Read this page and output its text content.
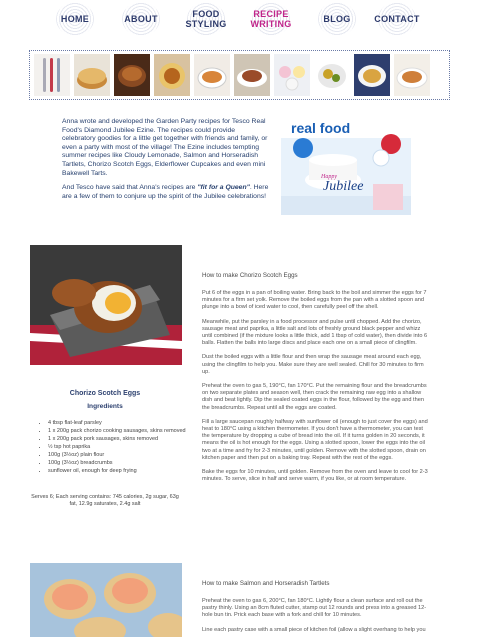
HOME	ABOUT	FOOD
STYLING
RECIPE
WRITING	BLOG	CONTACT

Anna wrote and developed the Garden Party recipes for Tesco Real Food's Diamond Jubilee Ezine. The recipes could provide celebratory goodies for a little get together with friends and family, or even a party with most of the village! The Ezine includes tempting summer recipes like Cloudy Lemonade, Salmon and Horseradish Tartlets, Chorizo Scotch Eggs, Elderflower Cupcakes and even mini Bakewell Tarts.

And Tesco have said that Anna's recipes are "fit for a Queen". Here are a few of them to conjure up the spirit of the Jubilee celebrations!

real food
Happy
Jubilee
Chorizo Scotch Eggs
Ingredients
• 4 tbsp flat-leaf parsley
• 1 x 200g pack chorizo cooking sausages, skins removed
• 1 x 200g pack pork sausages, skins removed
• ½ tsp hot paprika
• 100g (3½oz) plain flour
• 100g (3½oz) breadcrumbs
• sunflower oil, enough for deep frying
Serves 6; Each serving contains: 745 calories, 2g sugar, 63g fat, 12.9g saturates, 2.4g salt
How to make Chorizo Scotch Eggs

Put 6 of the eggs in a pan of boiling water. Bring back to the boil and simmer the eggs for 7 minutes for a firm set yolk. Remove the boiled eggs from the pan with a slotted spoon and plunge into a bowl of iced water to cool, then carefully peel off the shell.

Meanwhile, put the parsley in a food processor and pulse until chopped. Add the chorizo, sausage meat and paprika, a little salt and lots of freshly ground black pepper and whizz until combined (if the mixture looks a little thick, add 1 tbsp of cold water), then divide into 6 balls. Flatten the balls into large discs and place each one on a small piece of clingfilm.

Dust the boiled eggs with a little flour and then wrap the sausage meat around each egg, using the clingfilm to help you. Make sure they are well sealed. Chill for 30 minutes to firm up.

Preheat the oven to gas 5, 190°C, fan 170°C. Put the remaining flour and the breadcrumbs on two separate plates and season well, then crack the remaining raw egg into a shallow dish and beat lightly. Dip the sealed coated eggs in the flour, followed by the egg and then the breadcrumbs. Repeat until all the eggs are coated.

Fill a large saucepan roughly halfway with sunflower oil (enough to just cover the eggs) and heat to 180°C using a kitchen thermometer. If you don't have a thermometer, you can test the temperature by dropping a cube of bread into the oil. If it turns golden in 20 seconds, it means the oil is hot enough for the eggs. Using a slotted spoon, lower the eggs into the oil two at a time and fry for 2-3 minutes, until golden. Remove with the slotted spoon, drain on kitchen paper and then put on a baking tray. Repeat with the rest of the eggs.

Bake the eggs for 10 minutes, until golden. Remove from the oven and leave to cool for 2-3 minutes. To serve, slice in half and serve warm, if you like, or at room temperature.

How to make Salmon and Horseradish Tartlets

Preheat the oven to gas 6, 200°C, fan 180°C. Lightly flour a clean surface and roll out the pastry thinly. Using an 8cm fluted cutter, stamp out 12 rounds and press into a greased 12-hole bun tin. Prick each base with a fork and chill for 10 minutes.

Line each pastry case with a small piece of kitchen foil (allow a slight overhang to help you
